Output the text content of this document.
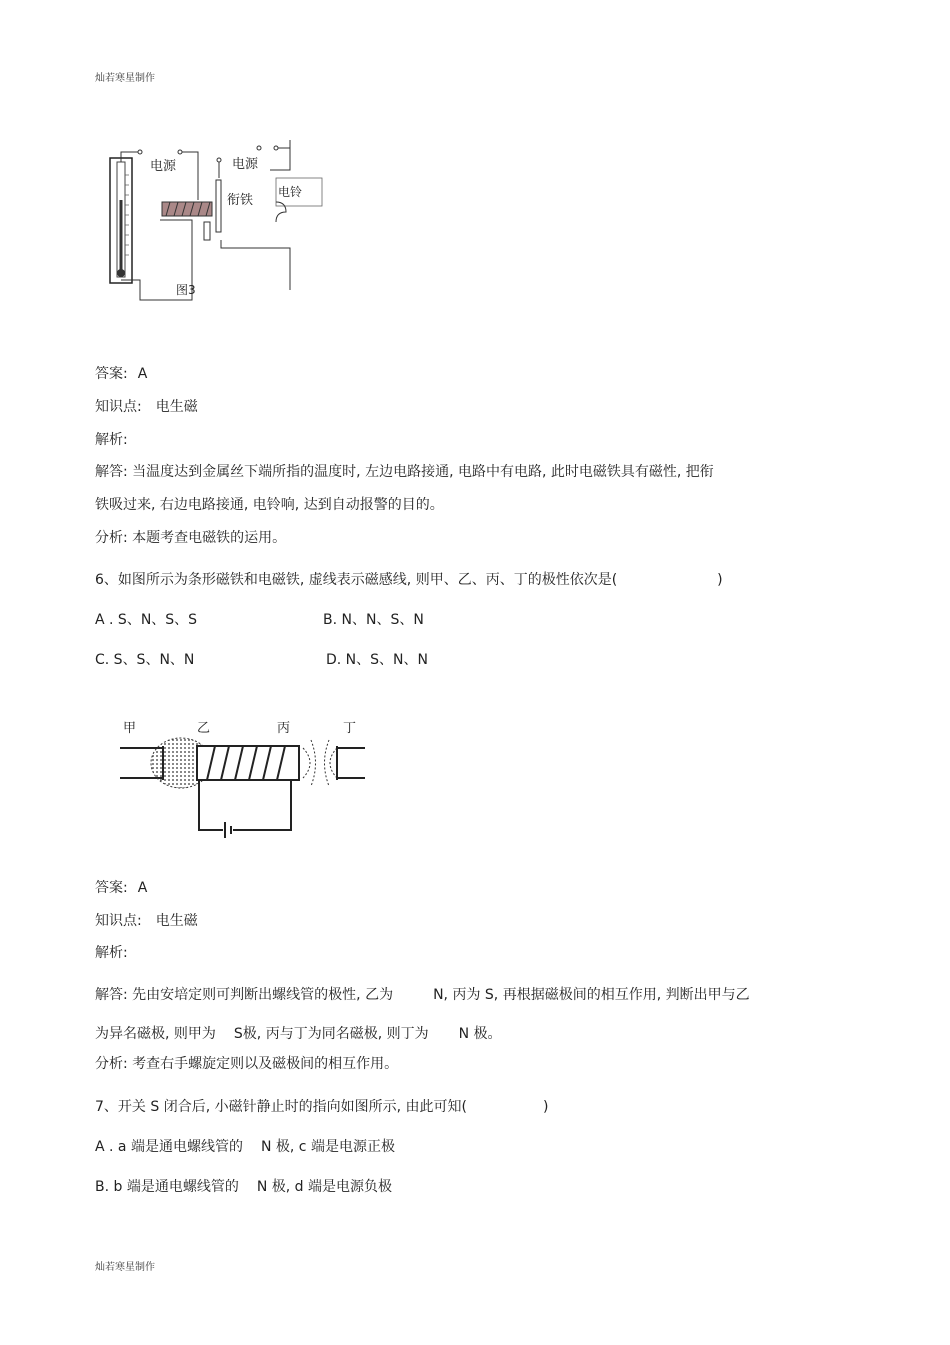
灿若寒星制作
电源	电源
衔铁
电铃
图3
答案: A
知识点: 电生磁
解析:
解答: 当温度达到金属丝下端所指的温度时, 左边电路接通, 电路中有电路, 此时电磁铁具有磁性, 把衔
铁吸过来, 右边电路接通, 电铃响, 达到自动报警的目的。
分析: 本题考查电磁铁的运用。
6、如图所示为条形磁铁和电磁铁, 虚线表示磁感线, 则甲、乙、丙、丁的极性依次是(	)
A . S、N、S、S	B. N、N、S、N
C. S、S、N、N	D. N、S、N、N
甲	乙	丙	丁
答案: A
知识点: 电生磁
解析:
解答: 先由安培定则可判断出螺线管的极性, 乙为	N, 丙为 S, 再根据磁极间的相互作用, 判断出甲与乙
为异名磁极, 则甲为 S极, 丙与丁为同名磁极, 则丁为 N 极。
分析: 考查右手螺旋定则以及磁极间的相互作用。
7、开关 S 闭合后, 小磁针静止时的指向如图所示, 由此可知(	)
A . a 端是通电螺线管的 N 极, c 端是电源正极
B. b 端是通电螺线管的 N 极, d 端是电源负极
灿若寒星制作
